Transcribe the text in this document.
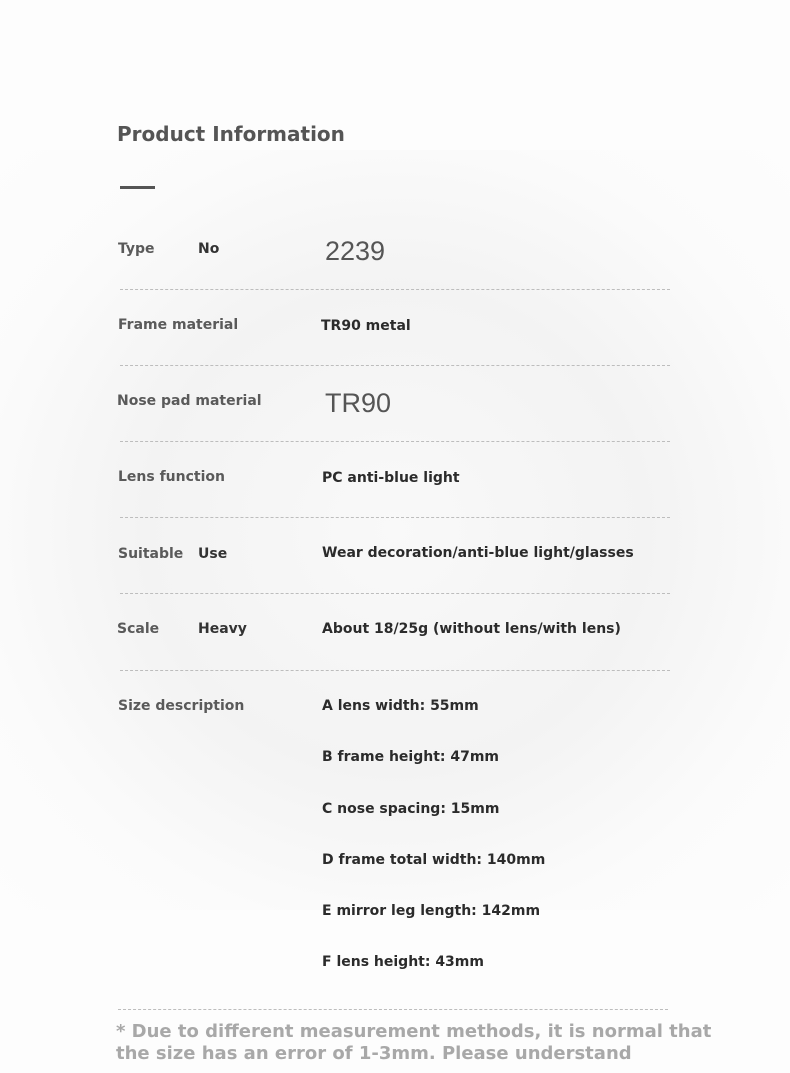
Product Information
Type	No	2239
Frame material	TR90 metal
Nose pad material TR90
Lens function	PC anti-blue light
Suitable Use	Wear decoration/anti-blue light/glasses
Scale	Heavy	About 18/25g (without lens/with lens)
Size description	A lens width: 55mm
B frame height: 47mm
C nose spacing: 15mm
D frame total width: 140mm
E mirror leg length: 142mm
F lens height: 43mm
* Due to different measurement methods, it is normal that the size has an error of 1-3mm. Please understand
